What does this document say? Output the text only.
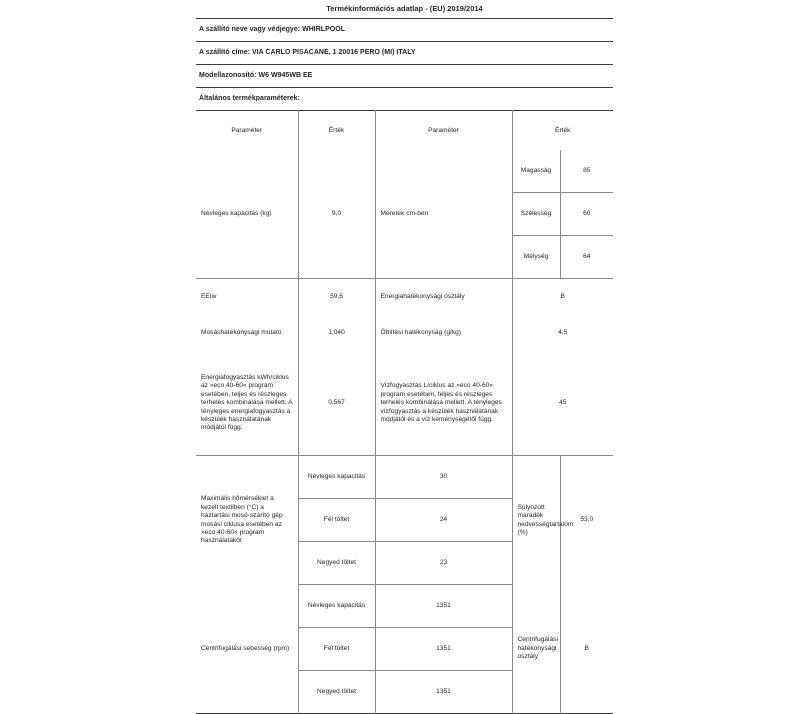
Termékinformációs adatlap - (EU) 2019/2014
A szállító neve vagy védjegye: WHIRLPOOL
A szállító címe: VIA CARLO PISACANE, 1 20016 PERO (MI) ITALY
Modellazonosító: W6 W945WB EE
Általános termékparaméterek:
Paraméter	Érték	Paraméter	Érték	
Névleges kapacitás (kg)	9,0	Méretek cm-ben	Magasság	85
			Szélesség	60
			Mélység	64
EEIw	59,6	Energiahatékonysági osztály	B	
Mosáshatékonysági mutató	1,040	Öblítési hatékonyság (g/kg)	4,5	
Energiafogyasztás kWh/ciklus az »eco 40-60« program esetében, teljes és részleges terhelés kombinálása mellett. A tényleges energiafogyasztás a készülék használatának módjától függ.	0,567	Vízfogyasztás L/ciklus az »eco 40-60« program esetében, teljes és részleges terhelés kombinálása mellett. A tényleges vízfogyasztás a készülék használatának módjától és a víz keménységétől függ.	45	
Maximális hőmérséklet a kezelt textilben (°C) a háztartási mosó-szárító gép mosási ciklusa esetében az »eco 40-60« program használatakor	Névleges kapacitás	30	Súlyozott maradék nedvességtartalom (%)	53,0
	Fél töltet	24		
	Negyed töltet	23		
Centrifugálási sebesség (rpm)	Névleges kapacitás	1351	Centrifugálási hatékonysági osztály	B
	Fél töltet	1351		
	Negyed töltet	1351		
